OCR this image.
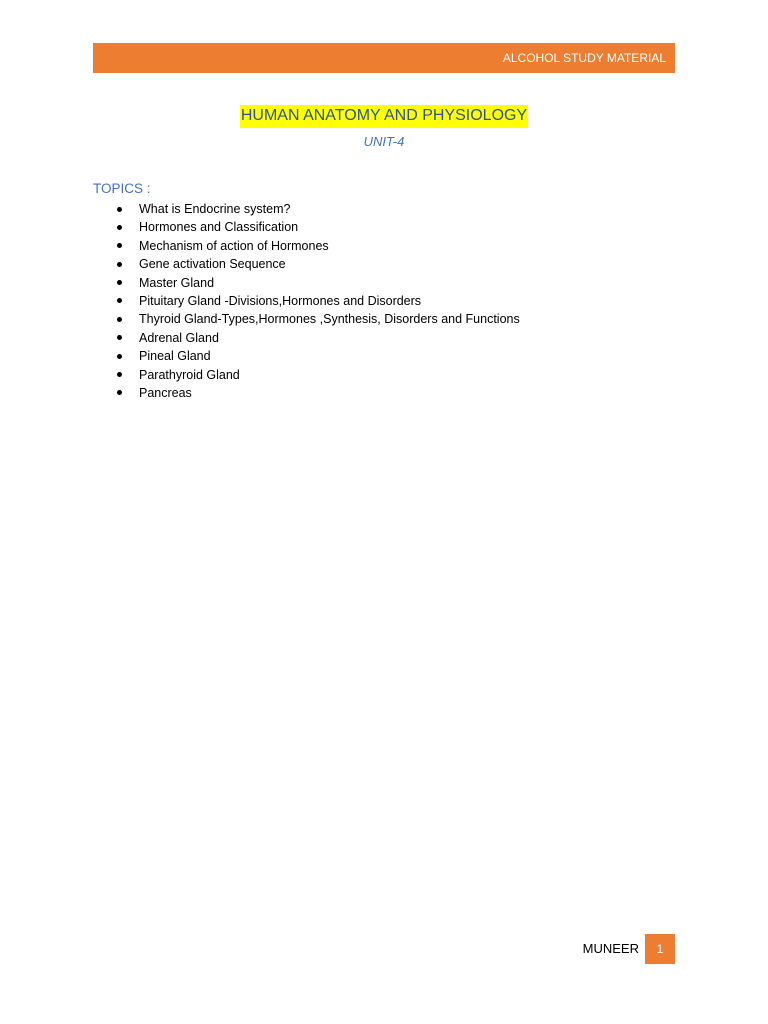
ALCOHOL STUDY MATERIAL
HUMAN ANATOMY AND PHYSIOLOGY
UNIT-4
TOPICS :
What is Endocrine system?
Hormones and Classification
Mechanism of action of Hormones
Gene activation Sequence
Master Gland
Pituitary Gland -Divisions,Hormones and Disorders
Thyroid Gland-Types,Hormones ,Synthesis, Disorders and Functions
Adrenal Gland
Pineal Gland
Parathyroid Gland
Pancreas
MUNEER	1
